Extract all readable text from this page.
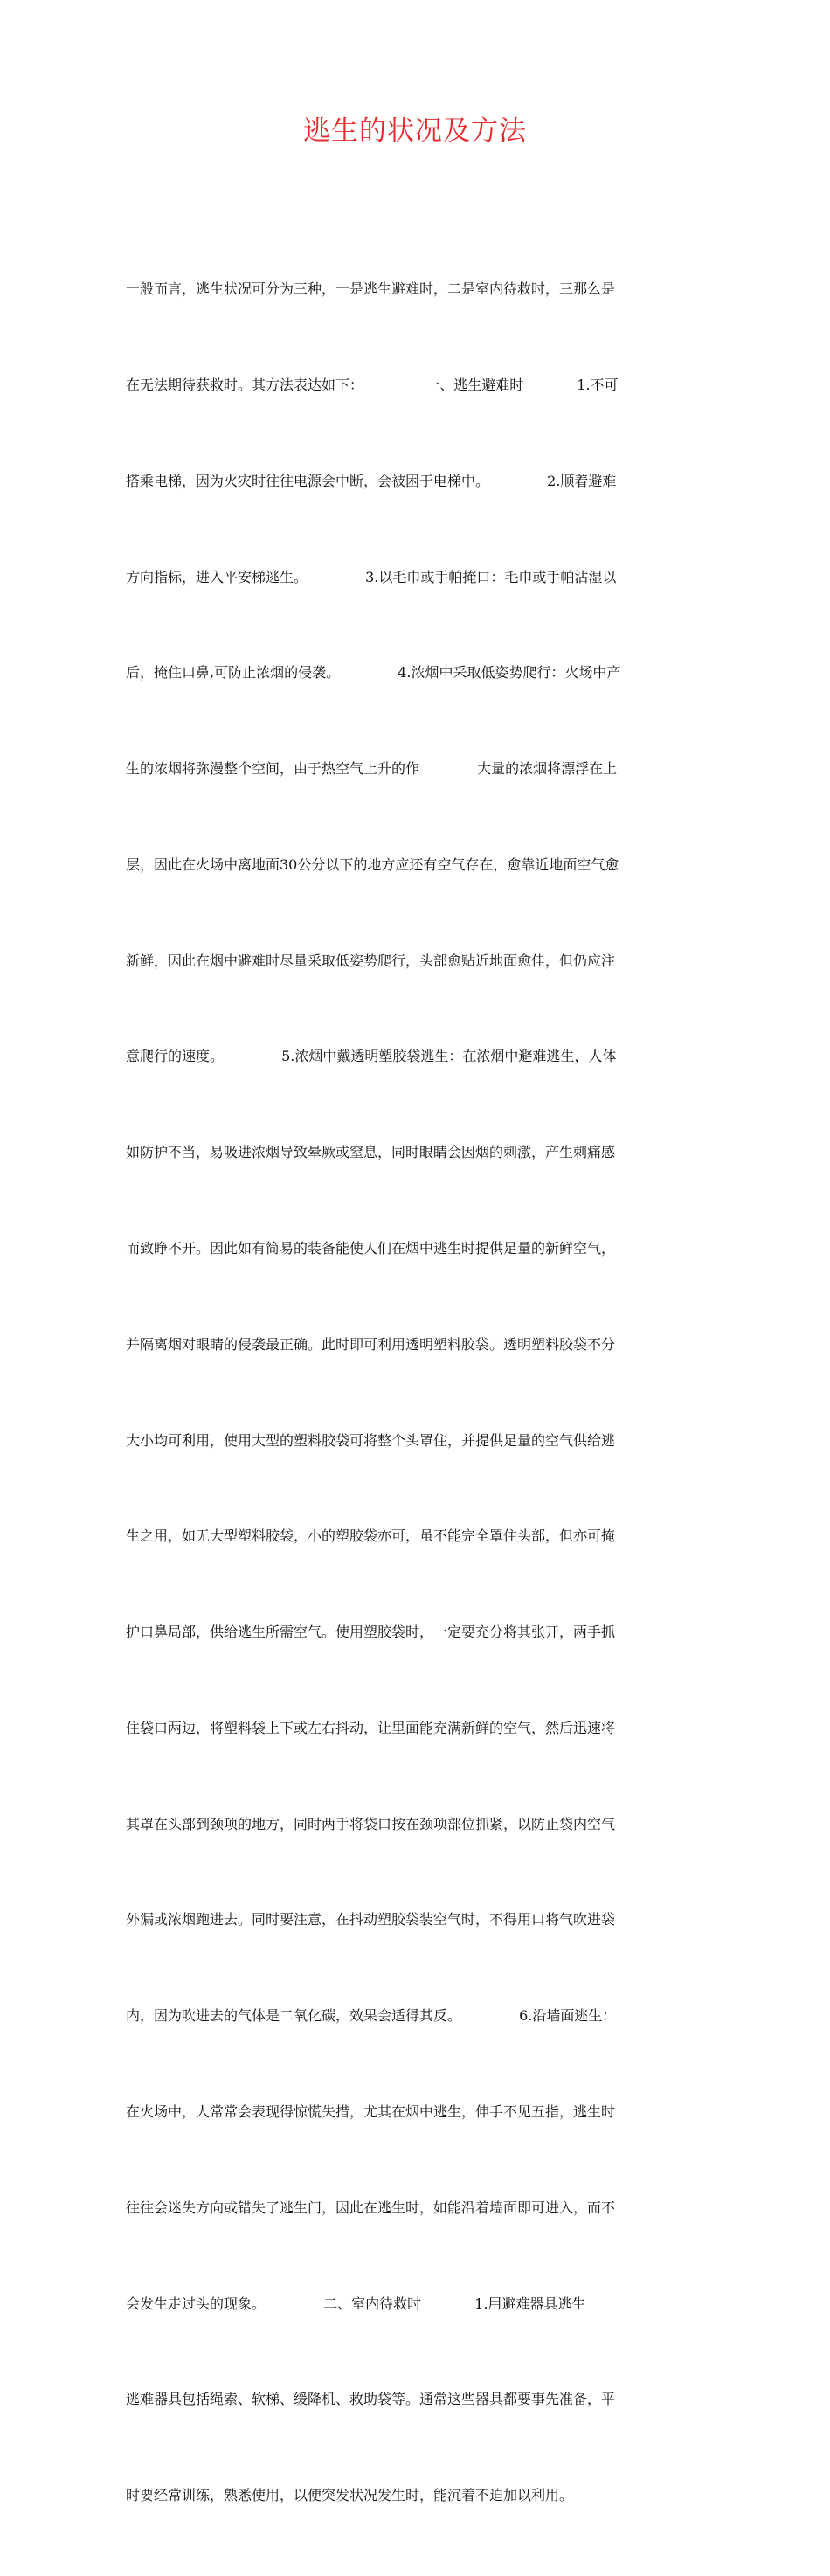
逃生的状况及方法

一般而言，逃生状况可分为三种，一是逃生避难时，二是室内待救时，三那么是

在无法期待获救时。其方法表达如下：              一、逃生避难时            1.不可

搭乘电梯，因为火灾时往往电源会中断，会被困于电梯中。             2.顺着避难

方向指标，进入平安梯逃生。             3.以毛巾或手帕掩口：毛巾或手帕沾湿以

后，掩住口鼻,可防止浓烟的侵袭。             4.浓烟中采取低姿势爬行：火场中产

生的浓烟将弥漫整个空间，由于热空气上升的作             大量的浓烟将漂浮在上

层，因此在火场中离地面30公分以下的地方应还有空气存在，愈靠近地面空气愈

新鲜，因此在烟中避难时尽量采取低姿势爬行，头部愈贴近地面愈佳，但仍应注

意爬行的速度。             5.浓烟中戴透明塑胶袋逃生：在浓烟中避难逃生，人体

如防护不当，易吸进浓烟导致晕厥或窒息，同时眼睛会因烟的刺激，产生刺痛感

而致睁不开。因此如有简易的装备能使人们在烟中逃生时提供足量的新鲜空气，

并隔离烟对眼睛的侵袭最正确。此时即可利用透明塑料胶袋。透明塑料胶袋不分

大小均可利用，使用大型的塑料胶袋可将整个头罩住，并提供足量的空气供给逃

生之用，如无大型塑料胶袋，小的塑胶袋亦可，虽不能完全罩住头部，但亦可掩

护口鼻局部，供给逃生所需空气。使用塑胶袋时，一定要充分将其张开，两手抓

住袋口两边，将塑料袋上下或左右抖动，让里面能充满新鲜的空气，然后迅速将

其罩在头部到颈项的地方，同时两手将袋口按在颈项部位抓紧，以防止袋内空气

外漏或浓烟跑进去。同时要注意，在抖动塑胶袋装空气时，不得用口将气吹进袋

内，因为吹进去的气体是二氧化碳，效果会适得其反。             6.沿墙面逃生：

在火场中，人常常会表现得惊慌失措，尤其在烟中逃生，伸手不见五指，逃生时

往往会迷失方向或错失了逃生门，因此在逃生时，如能沿着墙面即可进入，而不

会发生走过头的现象。             二、室内待救时            1.用避难器具逃生

逃难器具包括绳索、软梯、缓降机、救助袋等。通常这些器具都要事先准备，平

时要经常训练，熟悉使用，以便突发状况发生时，能沉着不迫加以利用。
